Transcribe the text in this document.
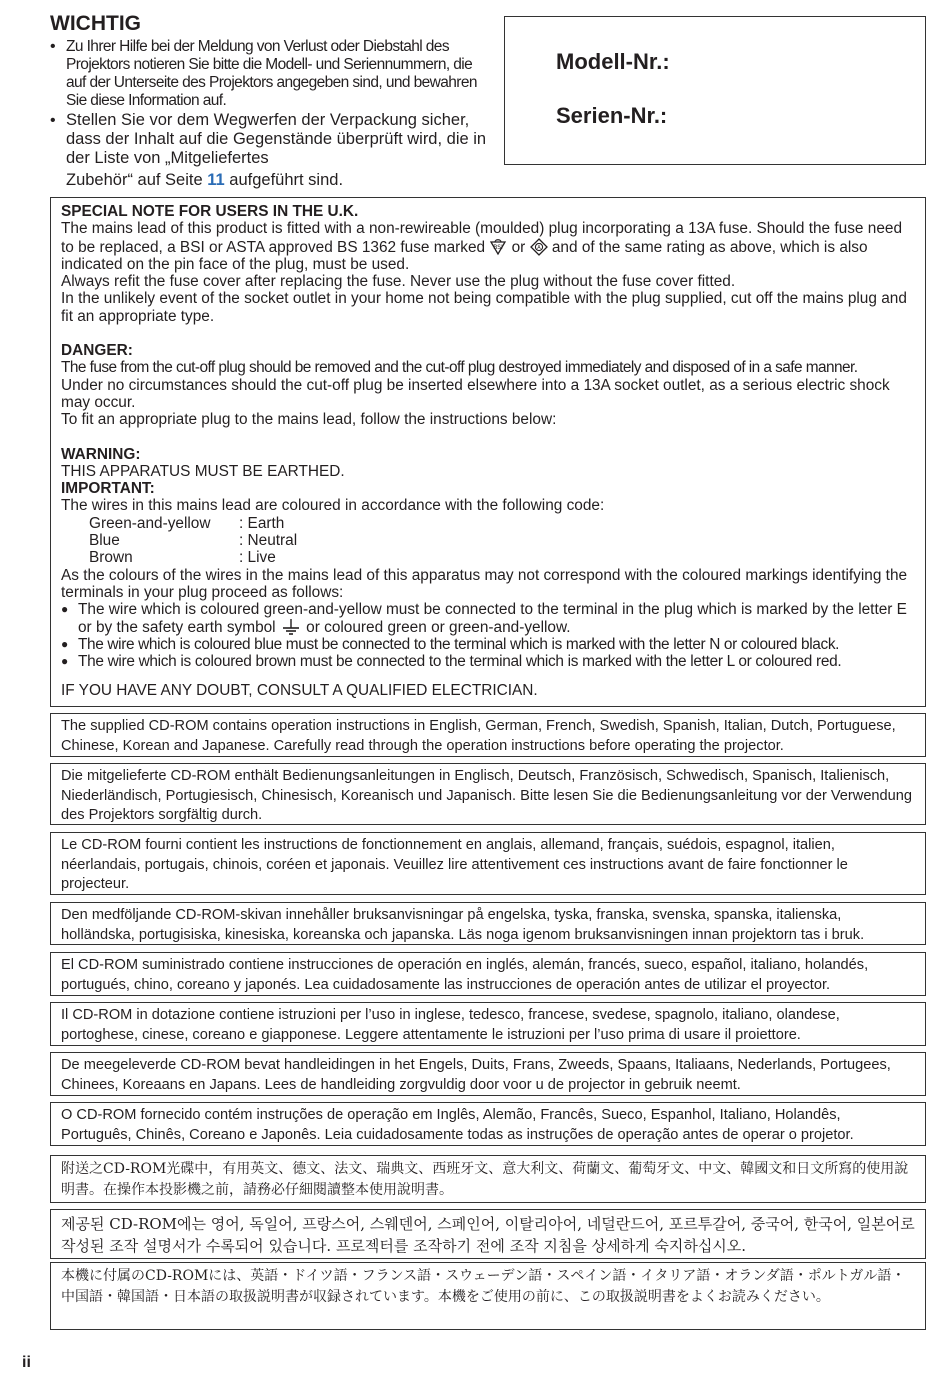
WICHTIG
• Zu Ihrer Hilfe bei der Meldung von Verlust oder Diebstahl des Projektors notieren Sie bitte die Modell- und Seriennummern, die auf der Unterseite des Projektors angegeben sind, und bewahren Sie diese Information auf.
• Stellen Sie vor dem Wegwerfen der Verpackung sicher, dass der Inhalt auf die Gegenstände überprüft wird, die in der Liste von „Mitgeliefertes
Zubehör“ auf Seite 11 aufgeführt sind.
Modell-Nr.:
Serien-Nr.:

SPECIAL NOTE FOR USERS IN THE U.K.

The mains lead of this product is fitted with a non-rewireable (moulded) plug incorporating a 13A fuse. Should the fuse need to be replaced, a BSI or ASTA approved BS 1362 fuse marked BSI or A and of the same rating as above, which is also indicated on the pin face of the plug, must be used.

Always refit the fuse cover after replacing the fuse. Never use the plug without the fuse cover fitted.

In the unlikely event of the socket outlet in your home not being compatible with the plug supplied, cut off the mains plug and fit an appropriate type.

DANGER:

The fuse from the cut-off plug should be removed and the cut-off plug destroyed immediately and disposed of in a safe manner.

Under no circumstances should the cut-off plug be inserted elsewhere into a 13A socket outlet, as a serious electric shock may occur.

To fit an appropriate plug to the mains lead, follow the instructions below:

WARNING:

THIS APPARATUS MUST BE EARTHED.

IMPORTANT:

The wires in this mains lead are coloured in accordance with the following code:

Green-and-yellow : Earth
Blue	: Neutral
Brown	: Live

As the colours of the wires in the mains lead of this apparatus may not correspond with the coloured markings identifying the terminals in your plug proceed as follows:

● The wire which is coloured green-and-yellow must be connected to the terminal in the plug which is marked by the letter E or by the safety earth symbol  or coloured green or green-and-yellow.

● The wire which is coloured blue must be connected to the terminal which is marked with the letter N or coloured black.

● The wire which is coloured brown must be connected to the terminal which is marked with the letter L or coloured red.

IF YOU HAVE ANY DOUBT, CONSULT A QUALIFIED ELECTRICIAN.

The supplied CD-ROM contains operation instructions in English, German, French, Swedish, Spanish, Italian, Dutch, Portuguese, Chinese, Korean and Japanese. Carefully read through the operation instructions before operating the projector.
Die mitgelieferte CD-ROM enthält Bedienungsanleitungen in Englisch, Deutsch, Französisch, Schwedisch, Spanisch, Italienisch, Niederländisch, Portugiesisch, Chinesisch, Koreanisch und Japanisch. Bitte lesen Sie die Bedienungsanleitung vor der Verwendung des Projektors sorgfältig durch.
Le CD-ROM fourni contient les instructions de fonctionnement en anglais, allemand, français, suédois, espagnol, italien, néerlandais, portugais, chinois, coréen et japonais. Veuillez lire attentivement ces instructions avant de faire fonctionner le projecteur.
Den medföljande CD-ROM-skivan innehåller bruksanvisningar på engelska, tyska, franska, svenska, spanska, italienska, holländska, portugisiska, kinesiska, koreanska och japanska. Läs noga igenom bruksanvisningen innan projektorn tas i bruk.
El CD-ROM suministrado contiene instrucciones de operación en inglés, alemán, francés, sueco, español, italiano, holandés, portugués, chino, coreano y japonés. Lea cuidadosamente las instrucciones de operación antes de utilizar el proyector.
Il CD-ROM in dotazione contiene istruzioni per l’uso in inglese, tedesco, francese, svedese, spagnolo, italiano, olandese, portoghese, cinese, coreano e giapponese. Leggere attentamente le istruzioni per l’uso prima di usare il proiettore.
De meegeleverde CD-ROM bevat handleidingen in het Engels, Duits, Frans, Zweeds, Spaans, Italiaans, Nederlands, Portugees, Chinees, Koreaans en Japans. Lees de handleiding zorgvuldig door voor u de projector in gebruik neemt.
O CD-ROM fornecido contém instruções de operação em Inglês, Alemão, Francês, Sueco, Espanhol, Italiano, Holandês, Português, Chinês, Coreano e Japonês. Leia cuidadosamente todas as instruções de operação antes de operar o projetor.
附送之CD-ROM光碟中，有用英文、德文、法文、瑞典文、西班牙文、意大利文、荷蘭文、葡萄牙文、中文、韓國文和日文所寫的使用說明書。在操作本投影機之前，請務必仔細閱讀整本使用說明書。
제공된 CD-ROM에는 영어, 독일어, 프랑스어, 스웨덴어, 스페인어, 이탈리아어, 네덜란드어, 포르투갈어, 중국어, 한국어, 일본어로 작성된 조작 설명서가 수록되어 있습니다. 프로젝터를 조작하기 전에 조작 지침을 상세하게 숙지하십시오.
本機に付属のCD-ROMには、英語・ドイツ語・フランス語・スウェーデン語・スペイン語・イタリア語・オランダ語・ポルトガル語・中国語・韓国語・日本語の取扱説明書が収録されています。本機をご使用の前に、この取扱説明書をよくお読みください。
ii
